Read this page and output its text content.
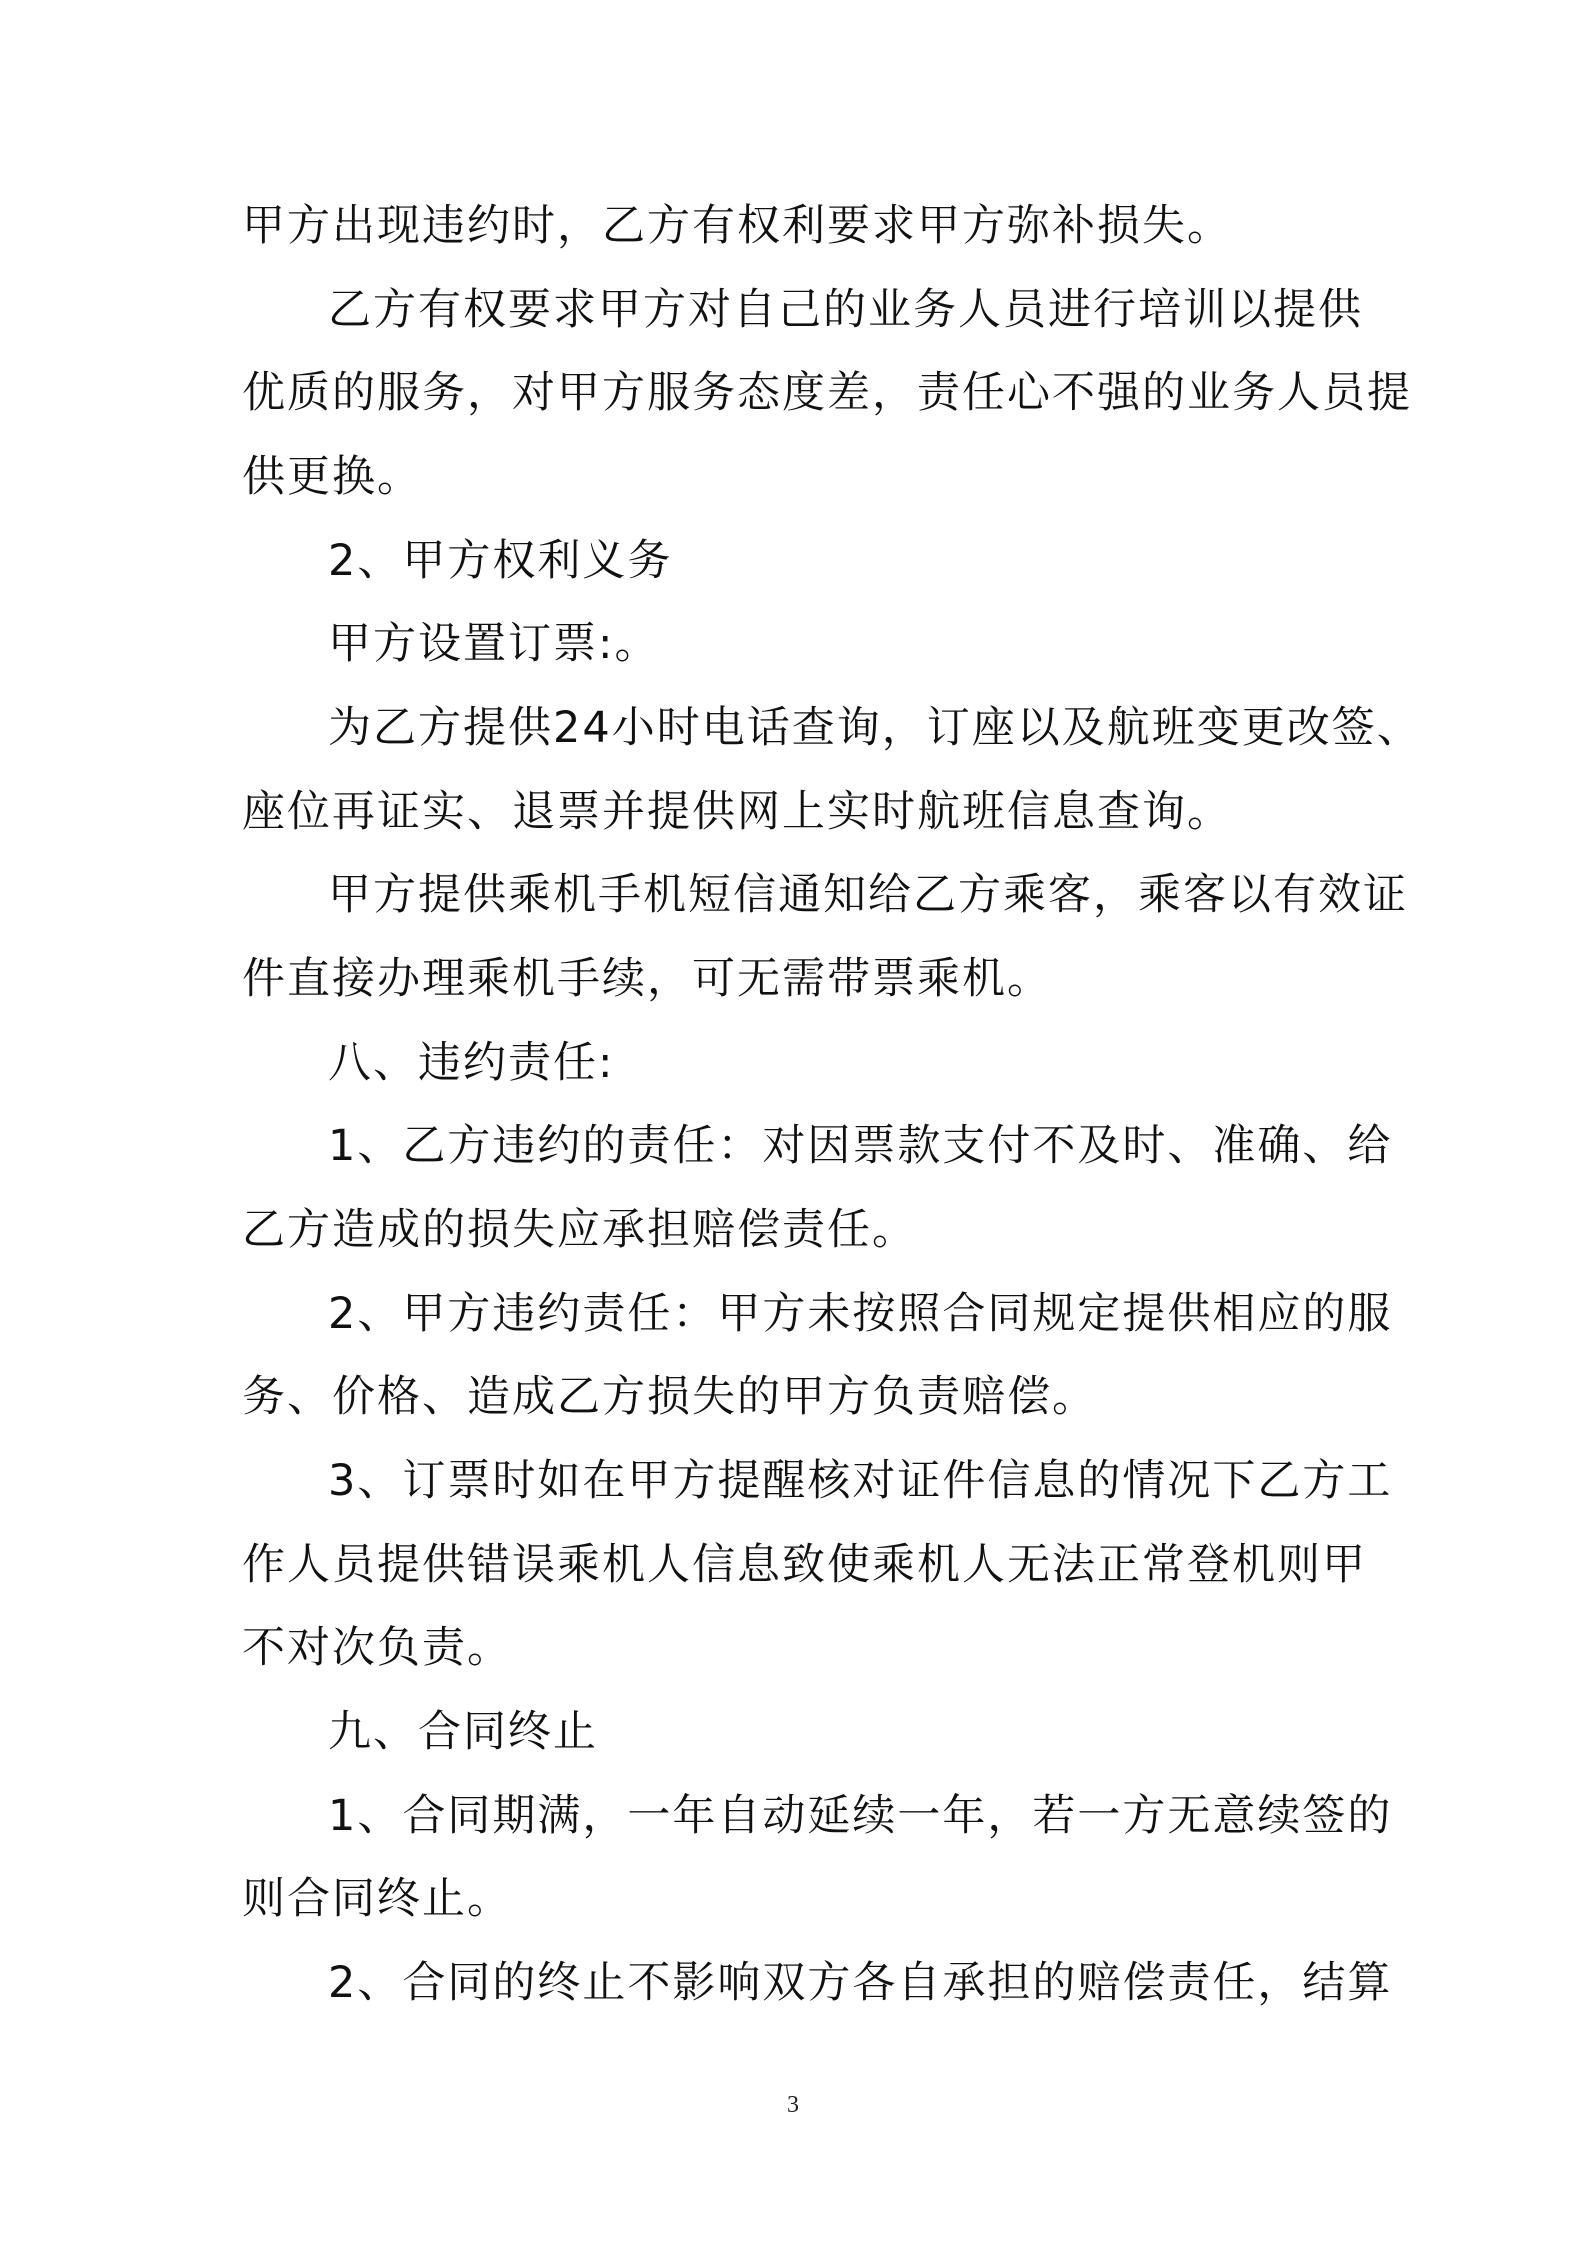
甲方出现违约时，乙方有权利要求甲方弥补损失。
乙方有权要求甲方对自己的业务人员进行培训以提供
优质的服务，对甲方服务态度差，责任心不强的业务人员提
供更换。
2、甲方权利义务
甲方设置订票:。
为乙方提供24小时电话查询，订座以及航班变更改签、
座位再证实、退票并提供网上实时航班信息查询。
甲方提供乘机手机短信通知给乙方乘客，乘客以有效证
件直接办理乘机手续，可无需带票乘机。
八、违约责任:
1、乙方违约的责任：对因票款支付不及时、准确、给
乙方造成的损失应承担赔偿责任。
2、甲方违约责任：甲方未按照合同规定提供相应的服
务、价格、造成乙方损失的甲方负责赔偿。
3、订票时如在甲方提醒核对证件信息的情况下乙方工
作人员提供错误乘机人信息致使乘机人无法正常登机则甲
不对次负责。
九、合同终止
1、合同期满，一年自动延续一年，若一方无意续签的
则合同终止。
2、合同的终止不影响双方各自承担的赔偿责任，结算
3
